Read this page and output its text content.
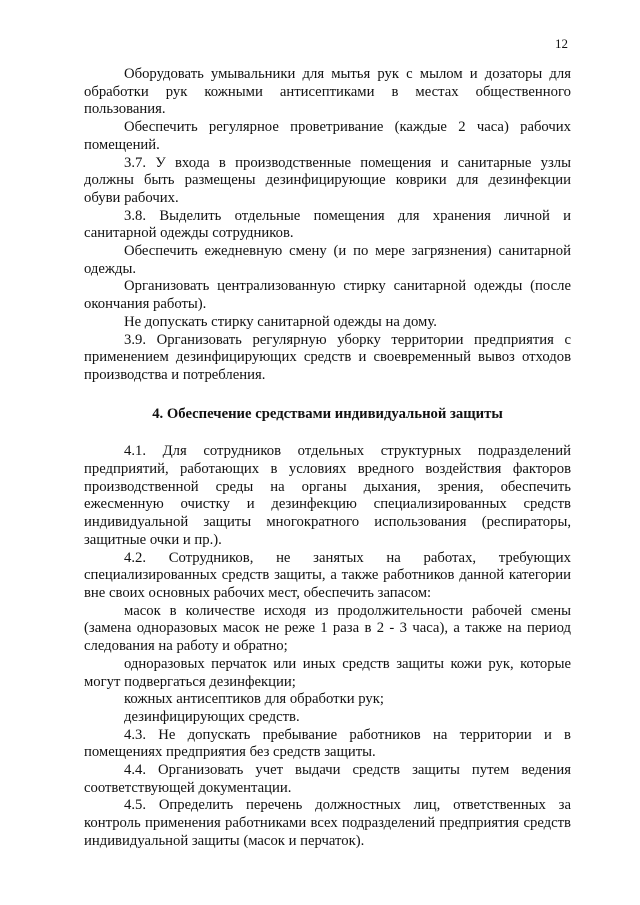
12

Оборудовать умывальники для мытья рук с мылом и дозаторы для обработки рук кожными антисептиками в местах общественного пользования.

Обеспечить регулярное проветривание (каждые 2 часа) рабочих помещений.

3.7. У входа в производственные помещения и санитарные узлы должны быть размещены дезинфицирующие коврики для дезинфекции обуви рабочих.

3.8. Выделить отдельные помещения для хранения личной и санитарной одежды сотрудников.

Обеспечить ежедневную смену (и по мере загрязнения) санитарной одежды.

Организовать централизованную стирку санитарной одежды (после окончания работы).

Не допускать стирку санитарной одежды на дому.

3.9. Организовать регулярную уборку территории предприятия с применением дезинфицирующих средств и своевременный вывоз отходов производства и потребления.

4. Обеспечение средствами индивидуальной защиты

4.1. Для сотрудников отдельных структурных подразделений предприятий, работающих в условиях вредного воздействия факторов производственной среды на органы дыхания, зрения, обеспечить ежесменную очистку и дезинфекцию специализированных средств индивидуальной защиты многократного использования (респираторы, защитные очки и пр.).

4.2. Сотрудников, не занятых на работах, требующих специализированных средств защиты, а также работников данной категории вне своих основных рабочих мест, обеспечить запасом:

масок в количестве исходя из продолжительности рабочей смены (замена одноразовых масок не реже 1 раза в 2 - 3 часа), а также на период следования на работу и обратно;

одноразовых перчаток или иных средств защиты кожи рук, которые могут подвергаться дезинфекции;

кожных антисептиков для обработки рук;

дезинфицирующих средств.

4.3. Не допускать пребывание работников на территории и в помещениях предприятия без средств защиты.

4.4. Организовать учет выдачи средств защиты путем ведения соответствующей документации.

4.5. Определить перечень должностных лиц, ответственных за контроль применения работниками всех подразделений предприятия средств индивидуальной защиты (масок и перчаток).
